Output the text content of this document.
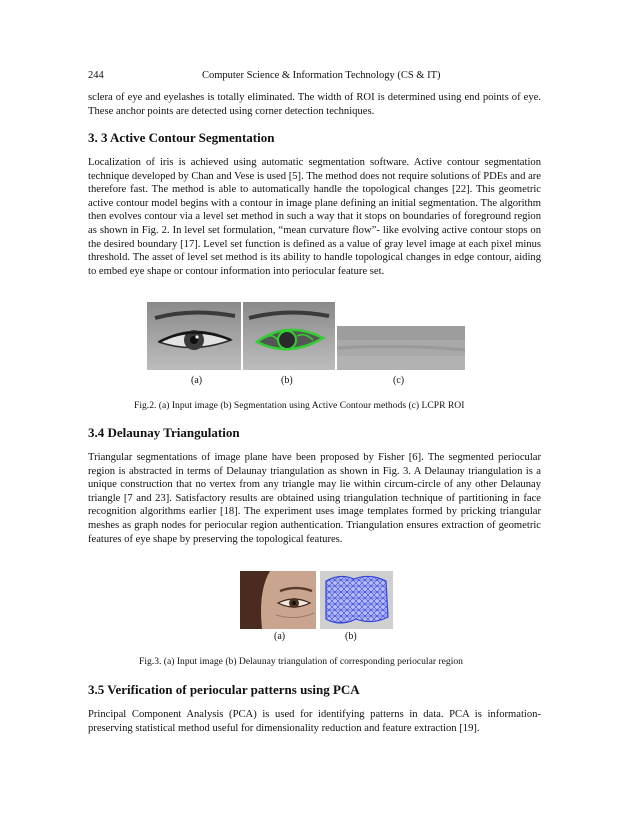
244	Computer Science & Information Technology (CS & IT)

sclera of eye and eyelashes is totally eliminated. The width of ROI is determined using end points of eye. These anchor points are detected using corner detection techniques.

3. 3 Active Contour Segmentation

Localization of iris is achieved using automatic segmentation software. Active contour segmentation technique developed by Chan and Vese is used [5]. The method does not require solutions of PDEs and are therefore fast. The method is able to automatically handle the topological changes [22]. This geometric active contour model begins with a contour in image plane defining an initial segmentation. The algorithm then evolves contour via a level set method in such a way that it stops on boundaries of foreground region as shown in Fig. 2. In level set formulation, “mean curvature flow”- like evolving active contour stops on the desired boundary [17]. Level set function is defined as a value of gray level image at each pixel minus threshold. The asset of level set method is its ability to handle topological changes in edge contour, aiding to embed eye shape or contour information into periocular feature set.

(a)	(b)	(c)
Fig.2. (a) Input image (b) Segmentation using Active Contour methods (c) LCPR ROI
3.4 Delaunay Triangulation

Triangular segmentations of image plane have been proposed by Fisher [6]. The segmented periocular region is abstracted in terms of Delaunay triangulation as shown in Fig. 3. A Delaunay triangulation is a unique construction that no vertex from any triangle may lie within circum-circle of any other Delaunay triangle [7 and 23]. Satisfactory results are obtained using triangulation technique of partitioning in face recognition algorithms earlier [18]. The experiment uses image templates formed by pricking triangular meshes as graph nodes for periocular region authentication. Triangulation ensures extraction of geometric features of eye shape by preserving the topological features.

(a)	(b)
Fig.3. (a) Input image (b) Delaunay triangulation of corresponding periocular region
3.5 Verification of periocular patterns using PCA

Principal Component Analysis (PCA) is used for identifying patterns in data. PCA is information-preserving statistical method useful for dimensionality reduction and feature extraction [19].
